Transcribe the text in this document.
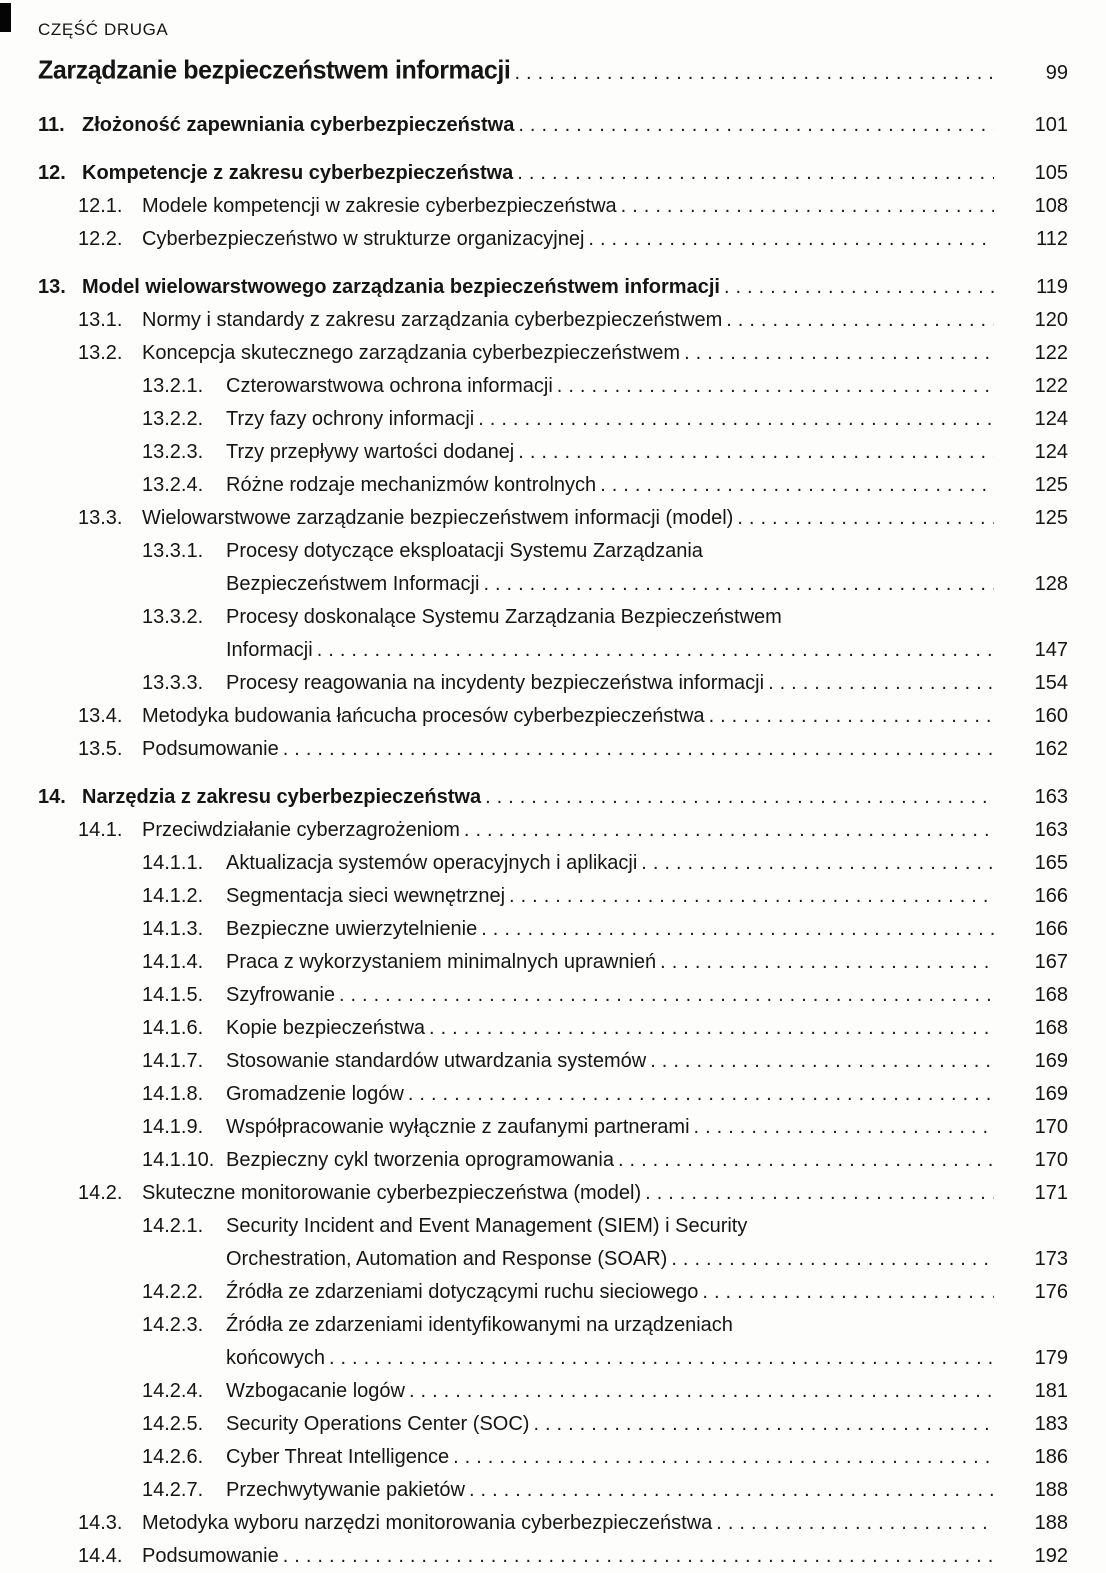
CZĘŚĆ DRUGA
Zarządzanie bezpieczeństwem informacji .....	99
11. Złożoność zapewniania cyberbezpieczeństwa .....	101
12. Kompetencje z zakresu cyberbezpieczeństwa .....	105
12.1. Modele kompetencji w zakresie cyberbezpieczeństwa .....	108
12.2. Cyberbezpieczeństwo w strukturze organizacyjnej .....	112
13. Model wielowarstwowego zarządzania bezpieczeństwem informacji .....	119
13.1. Normy i standardy z zakresu zarządzania cyberbezpieczeństwem .....	120
13.2. Koncepcja skutecznego zarządzania cyberbezpieczeństwem .....	122
13.2.1.	Czterowarstwowa ochrona informacji .....	122
13.2.2.	Trzy fazy ochrony informacji .....	124
13.2.3.	Trzy przepływy wartości dodanej .....	124
13.2.4.	Różne rodzaje mechanizmów kontrolnych .....	125
13.3. Wielowarstwowe zarządzanie bezpieczeństwem informacji (model) .....	125
13.3.1.	Procesy dotyczące eksploatacji Systemu Zarządzania
Bezpieczeństwem Informacji .....	128
13.3.2.	Procesy doskonalące Systemu Zarządzania Bezpieczeństwem
Informacji .....	147
13.3.3.	Procesy reagowania na incydenty bezpieczeństwa informacji .....	154
13.4. Metodyka budowania łańcucha procesów cyberbezpieczeństwa .....	160
13.5. Podsumowanie .....	162
14. Narzędzia z zakresu cyberbezpieczeństwa .....	163
14.1. Przeciwdziałanie cyberzagrożeniom .....	163
14.1.1.	Aktualizacja systemów operacyjnych i aplikacji .....	165
14.1.2.	Segmentacja sieci wewnętrznej .....	166
14.1.3.	Bezpieczne uwierzytelnienie .....	166
14.1.4.	Praca z wykorzystaniem minimalnych uprawnień .....	167
14.1.5.	Szyfrowanie .....	168
14.1.6.	Kopie bezpieczeństwa .....	168
14.1.7.	Stosowanie standardów utwardzania systemów .....	169
14.1.8.	Gromadzenie logów .....	169
14.1.9.	Współpracowanie wyłącznie z zaufanymi partnerami .....	170
14.1.10. Bezpieczny cykl tworzenia oprogramowania .....	170
14.2. Skuteczne monitorowanie cyberbezpieczeństwa (model) .....	171
14.2.1.	Security Incident and Event Management (SIEM) i Security
Orchestration, Automation and Response (SOAR) .....	173
14.2.2.	Źródła ze zdarzeniami dotyczącymi ruchu sieciowego .....	176
14.2.3.	Źródła ze zdarzeniami identyfikowanymi na urządzeniach
końcowych .....	179
14.2.4.	Wzbogacanie logów .....	181
14.2.5.	Security Operations Center (SOC) .....	183
14.2.6.	Cyber Threat Intelligence .....	186
14.2.7.	Przechwytywanie pakietów .....	188
14.3. Metodyka wyboru narzędzi monitorowania cyberbezpieczeństwa .....	188
14.4. Podsumowanie .....	192
